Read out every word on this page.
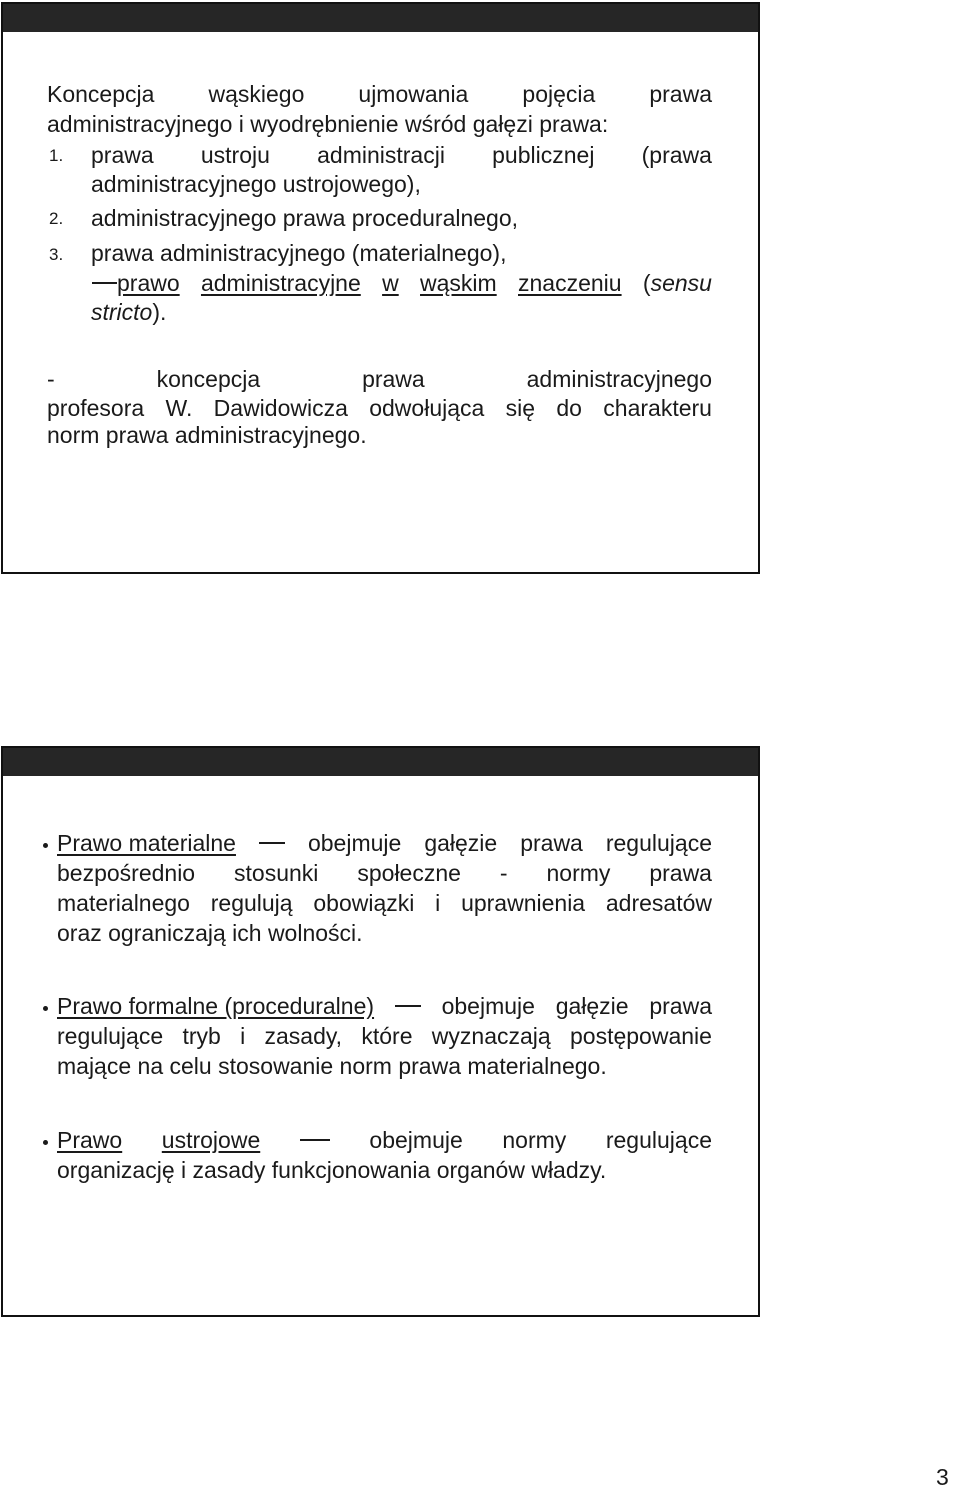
Koncepcja wąskiego ujmowania pojęcia prawa
administracyjnego i wyodrębnienie wśród gałęzi prawa:
1. prawa ustroju administracji publicznej (prawa
administracyjnego ustrojowego),
2. administracyjnego prawa proceduralnego,
3. prawa administracyjnego (materialnego),
prawo administracyjne w wąskim znaczeniu (sensu
stricto).
-	koncepcja	prawa	administracyjnego
profesora W. Dawidowicza odwołująca się do charakteru
norm prawa administracyjnego.
Prawo materialne	obejmuje gałęzie prawa regulujące
bezpośrednio stosunki społeczne - normy prawa
materialnego regulują obowiązki i uprawnienia adresatów
oraz ograniczają ich wolności.
Prawo formalne (proceduralne)	obejmuje gałęzie prawa
regulujące tryb i zasady, które wyznaczają postępowanie
mające na celu stosowanie norm prawa materialnego.
Prawo ustrojowe	obejmuje normy regulujące
organizację i zasady funkcjonowania organów władzy.
3
